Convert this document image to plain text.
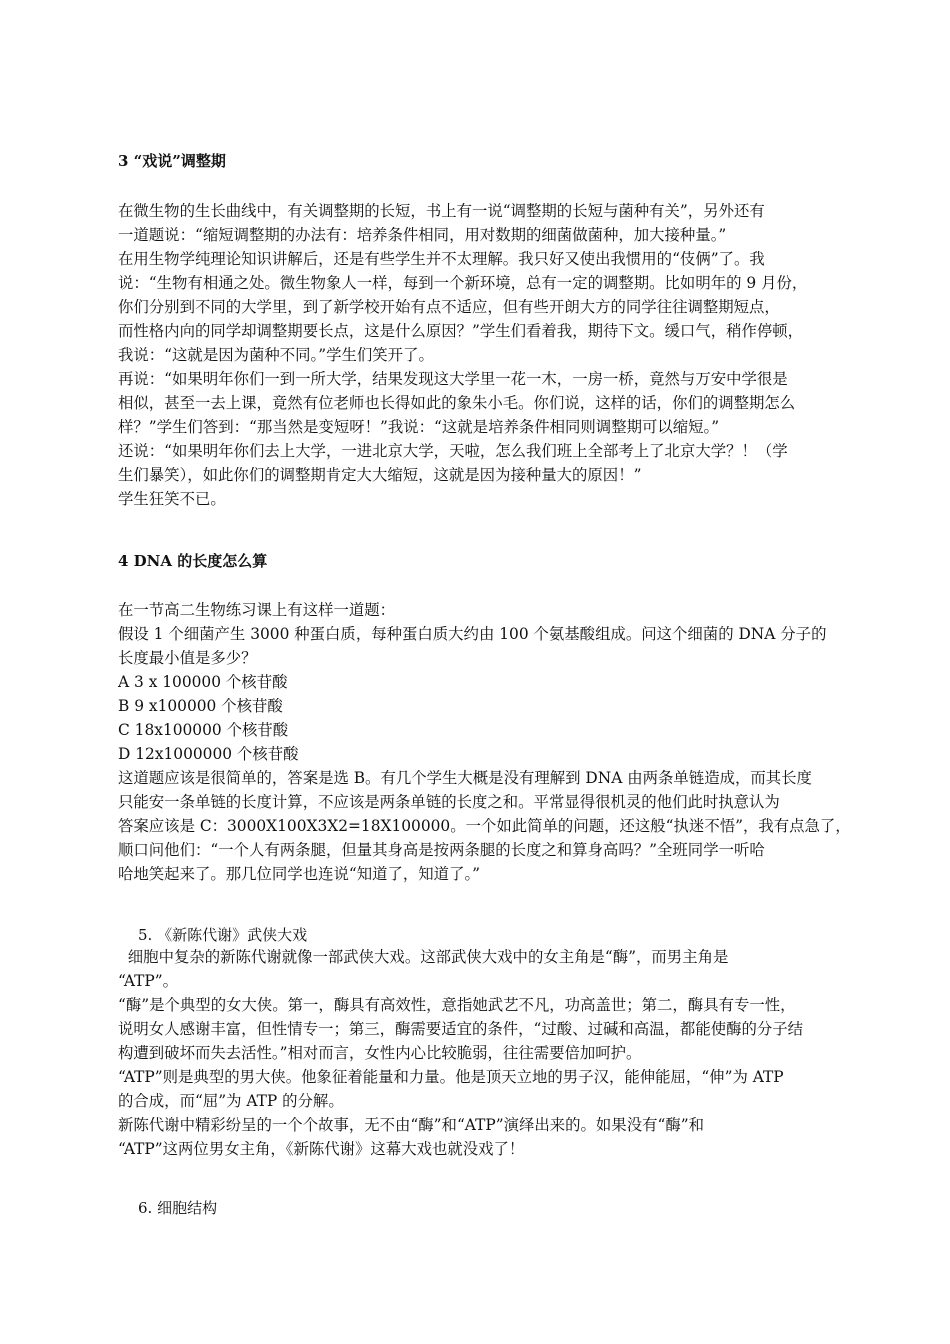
3 “戏说”调整期
在微生物的生长曲线中，有关调整期的长短，书上有一说“调整期的长短与菌种有关”，另外还有
一道题说：“缩短调整期的办法有：培养条件相同，用对数期的细菌做菌种，加大接种量。”
在用生物学纯理论知识讲解后，还是有些学生并不太理解。我只好又使出我惯用的“伎俩”了。我
说：“生物有相通之处。微生物象人一样，每到一个新环境，总有一定的调整期。比如明年的 9 月份，
你们分别到不同的大学里，到了新学校开始有点不适应，但有些开朗大方的同学往往调整期短点，
而性格内向的同学却调整期要长点，这是什么原因？”学生们看着我，期待下文。缓口气，稍作停顿，
我说：“这就是因为菌种不同。”学生们笑开了。
再说：“如果明年你们一到一所大学，结果发现这大学里一花一木，一房一桥，竟然与万安中学很是
相似，甚至一去上课，竟然有位老师也长得如此的象朱小毛。你们说，这样的话，你们的调整期怎么
样？”学生们答到：“那当然是变短呀！”我说：“这就是培养条件相同则调整期可以缩短。”
还说：“如果明年你们去上大学，一进北京大学，天啦，怎么我们班上全部考上了北京大学？！（学
生们暴笑），如此你们的调整期肯定大大缩短，这就是因为接种量大的原因！”
学生狂笑不已。
4 DNA 的长度怎么算
在一节高二生物练习课上有这样一道题：
假设 1 个细菌产生 3000 种蛋白质，每种蛋白质大约由 100 个氨基酸组成。问这个细菌的 DNA 分子的
长度最小值是多少？
A 3 x 100000 个核苷酸
B 9 x100000 个核苷酸
C 18x100000 个核苷酸
D 12x1000000 个核苷酸
这道题应该是很简单的，答案是选 B。有几个学生大概是没有理解到 DNA 由两条单链造成，而其长度
只能安一条单链的长度计算，不应该是两条单链的长度之和。平常显得很机灵的他们此时执意认为
答案应该是 C：3000X100X3X2=18X100000。一个如此简单的问题，还这般“执迷不悟”，我有点急了，
顺口问他们：“一个人有两条腿，但量其身高是按两条腿的长度之和算身高吗？”全班同学一听哈
哈地笑起来了。那几位同学也连说“知道了，知道了。”
5. 《新陈代谢》武侠大戏
细胞中复杂的新陈代谢就像一部武侠大戏。这部武侠大戏中的女主角是“酶”，而男主角是
“ATP”。
“酶”是个典型的女大侠。第一，酶具有高效性，意指她武艺不凡，功高盖世；第二，酶具有专一性，
说明女人感谢丰富，但性情专一；第三，酶需要适宜的条件，“过酸、过碱和高温，都能使酶的分子结
构遭到破坏而失去活性。”相对而言，女性内心比较脆弱，往往需要倍加呵护。
“ATP”则是典型的男大侠。他象征着能量和力量。他是顶天立地的男子汉，能伸能屈，“伸”为 ATP
的合成，而“屈”为 ATP 的分解。
新陈代谢中精彩纷呈的一个个故事，无不由“酶”和“ATP”演绎出来的。如果没有“酶”和
“ATP”这两位男女主角，《新陈代谢》这幕大戏也就没戏了！
6. 细胞结构
